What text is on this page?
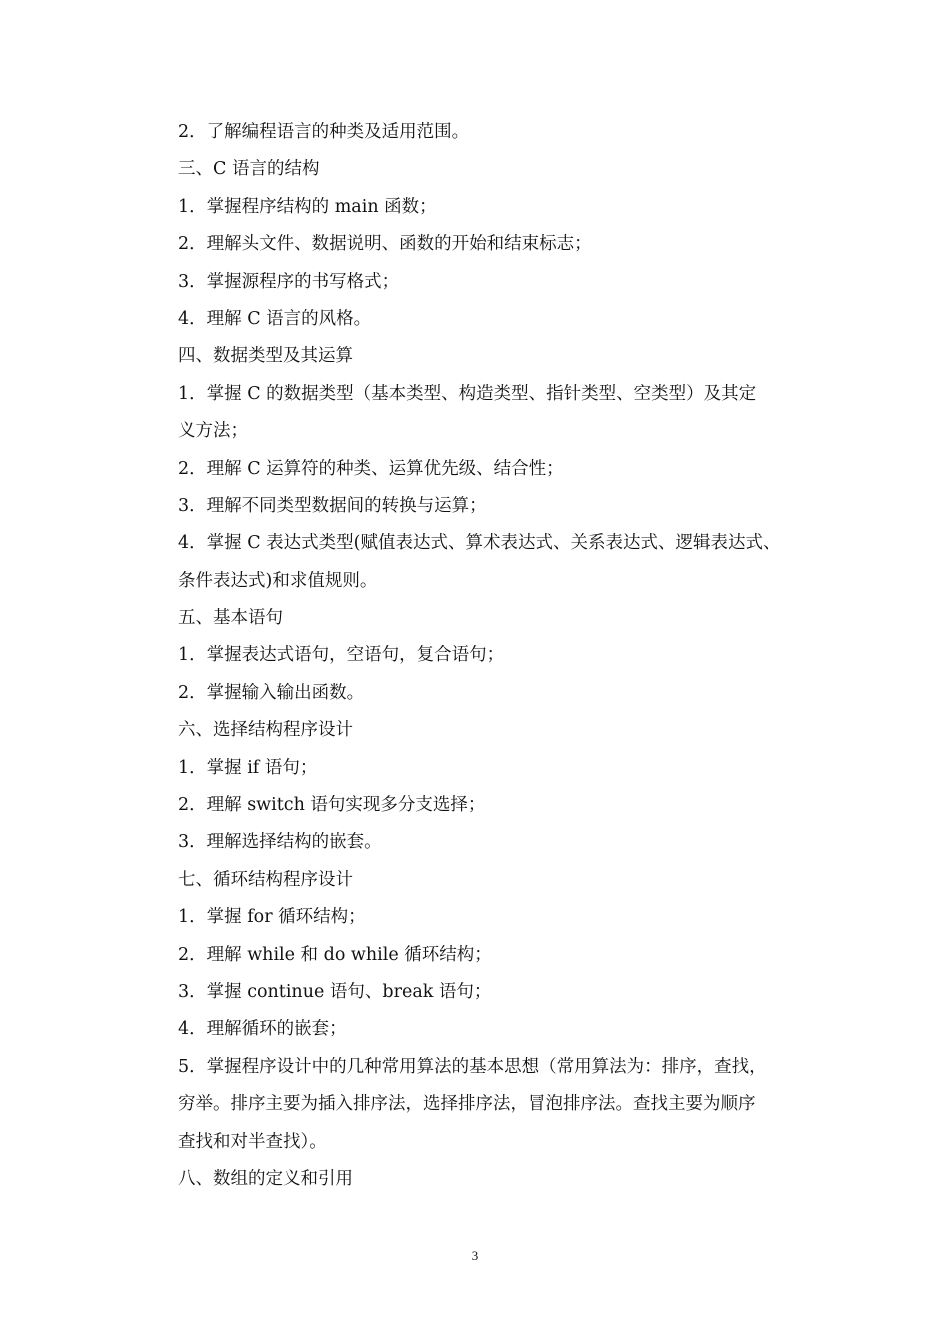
2．了解编程语言的种类及适用范围。

三、C 语言的结构

1．掌握程序结构的 main 函数；

2．理解头文件、数据说明、函数的开始和结束标志；

3．掌握源程序的书写格式；

4．理解 C 语言的风格。

四、数据类型及其运算

1．掌握 C 的数据类型（基本类型、构造类型、指针类型、空类型）及其定

义方法；

2．理解 C 运算符的种类、运算优先级、结合性；

3．理解不同类型数据间的转换与运算；

4．掌握 C 表达式类型(赋值表达式、算术表达式、关系表达式、逻辑表达式、

条件表达式)和求值规则。

五、基本语句

1．掌握表达式语句，空语句，复合语句；

2．掌握输入输出函数。

六、选择结构程序设计

1．掌握 if 语句；

2．理解 switch 语句实现多分支选择；

3．理解选择结构的嵌套。

七、循环结构程序设计

1．掌握 for 循环结构；

2．理解 while 和 do while 循环结构；

3．掌握 continue 语句、break 语句；

4．理解循环的嵌套；

5．掌握程序设计中的几种常用算法的基本思想（常用算法为：排序，查找，

穷举。排序主要为插入排序法，选择排序法，冒泡排序法。查找主要为顺序

查找和对半查找）。

八、数组的定义和引用

3
